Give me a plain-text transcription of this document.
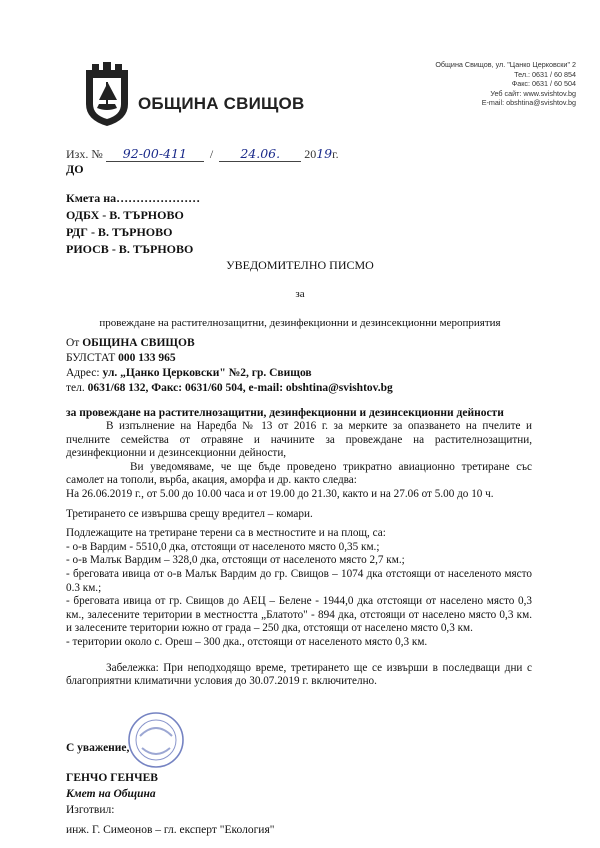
ОБЩИНА СВИЩОВ
Община Свищов, ул. "Цанко Церковски" 2
Тел.: 0631 / 60 854
Факс: 0631 / 60 504
Уеб сайт: www.svishtov.bg
E-mail: obshtina@svishtov.bg
Изх. № 92-00-411 / 24.06. 2019г.
ДО
Кмета на…………………
ОДБХ - В. ТЪРНОВО
РДГ - В. ТЪРНОВО
РИОСВ - В. ТЪРНОВО
УВЕДОМИТЕЛНО ПИСМО
за
провеждане на растителнозащитни, дезинфекционни и дезинсекционни мероприятия
От ОБЩИНА СВИЩОВ
БУЛСТАТ 000 133 965
Адрес: ул. „Цанко Церковски" №2, гр. Свищов
тел. 0631/68 132, Факс: 0631/60 504, e-mail: obshtina@svishtov.bg
за провеждане на растителнозащитни, дезинфекционни и дезинсекционни дейности

В изпълнение на Наредба № 13 от 2016 г. за мерките за опазването на пчелите и пчелните семейства от отравяне и начините за провеждане на растителнозащитни, дезинфекционни и дезинсекционни дейности,

Ви уведомяваме, че ще бъде проведено трикратно авиационно третиране със самолет на тополи, върба, акация, аморфа и др. както следва:

На 26.06.2019 г., от 5.00 до 10.00 часа и от 19.00 до 21.30, както и на 27.06 от 5.00 до 10 ч.

Третирането се извършва срещу вредител – комари.

Подлежащите на третиране терени са в местностите и на площ, са:

- о-в Вардим - 5510,0 дка, отстоящи от населеното място 0,35 км.;

- о-в Малък Вардим – 328,0 дка, отстоящи от населеното място 2,7 км.;

- бреговата ивица от о-в Малък Вардим до гр. Свищов – 1074 дка отстоящи от населеното място 0.3 км.;

- бреговата ивица от гр. Свищов до АЕЦ – Белене - 1944,0 дка отстоящи от населено място 0,3 км., залесените територии в местността „Блатото" - 894 дка, отстоящи от населено място 0,3 км. и залесените територии южно от града – 250 дка, отстоящи от населено място 0,3 км.

- територии около с. Ореш – 300 дка., отстоящи от населеното място 0,3 км.

Забележка: При неподходящо време, третирането ще се извърши в последващи дни с благоприятни климатични условия до 30.07.2019 г. включително.

С уважение,
ГЕНЧО ГЕНЧЕВ
Кмет на Община
Изготвил:
инж. Г. Симеонов – гл. експерт "Екология"
